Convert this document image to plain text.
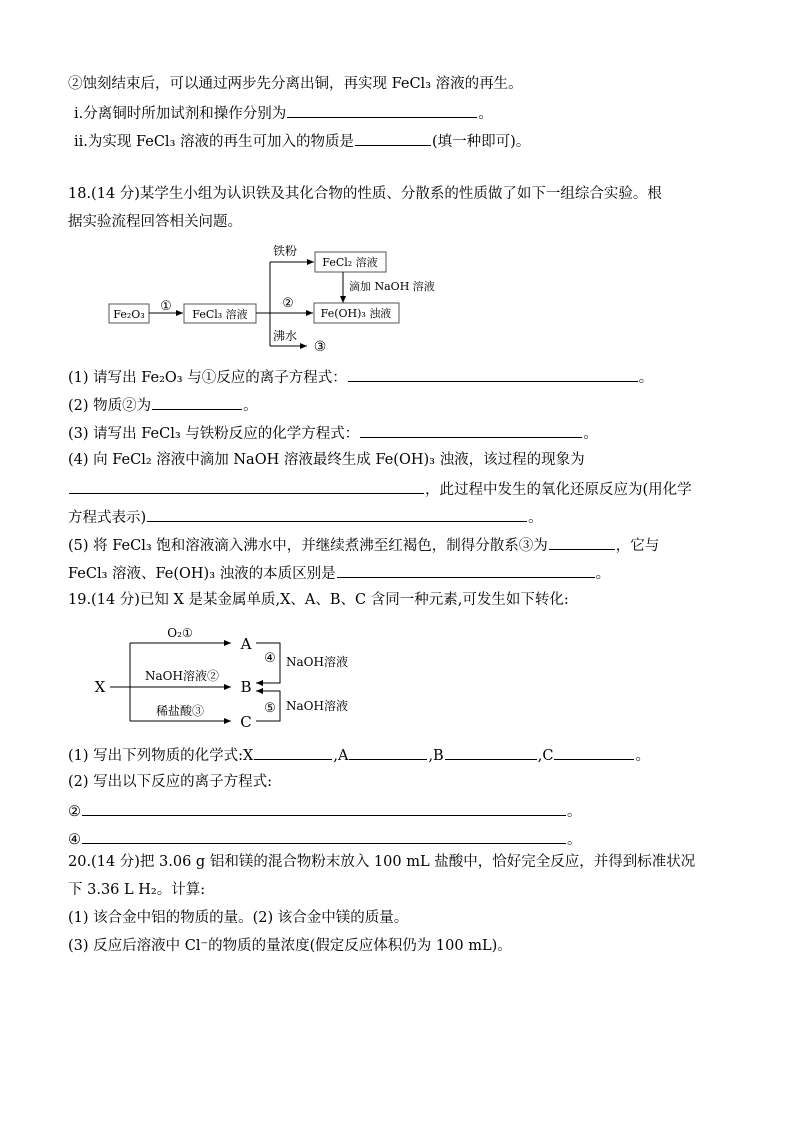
②蚀刻结束后，可以通过两步先分离出铜，再实现 FeCl₃ 溶液的再生。
ⅰ.分离铜时所加试剂和操作分别为	。
ⅱ.为实现 FeCl₃ 溶液的再生可加入的物质是	(填一种即可)。
18.(14 分)某学生小组为认识铁及其化合物的性质、分散系的性质做了如下一组综合实验。根
据实验流程回答相关问题。
Fe₂O₃
①
FeCl₃ 溶液
铁粉
FeCl₂ 溶液
滴加 NaOH 溶液
②
Fe(OH)₃ 浊液
沸水
③
(1) 请写出 Fe₂O₃ 与①反应的离子方程式：	。
(2) 物质②为	。
(3) 请写出 FeCl₃ 与铁粉反应的化学方程式：	。
(4) 向 FeCl₂ 溶液中滴加 NaOH 溶液最终生成 Fe(OH)₃ 浊液，该过程的现象为
，此过程中发生的氧化还原反应为(用化学
方程式表示)	。
(5) 将 FeCl₃ 饱和溶液滴入沸水中，并继续煮沸至红褐色，制得分散系③为	，它与
FeCl₃ 溶液、Fe(OH)₃ 浊液的本质区别是	。
19.(14 分)已知 X 是某金属单质,X、A、B、C 含同一种元素,可发生如下转化:
X
O₂①
NaOH溶液②
稀盐酸③
A
B
C
④ NaOH溶液
⑤ NaOH溶液
(1) 写出下列物质的化学式:X	,A	,B	,C	。
(2) 写出以下反应的离子方程式:
②	。
④	。
20.(14 分)把 3.06 g 铝和镁的混合物粉末放入 100 mL 盐酸中，恰好完全反应，并得到标准状况
下 3.36 L H₂。计算:
(1) 该合金中铝的物质的量。(2) 该合金中镁的质量。
(3) 反应后溶液中 Cl⁻的物质的量浓度(假定反应体积仍为 100 mL)。
